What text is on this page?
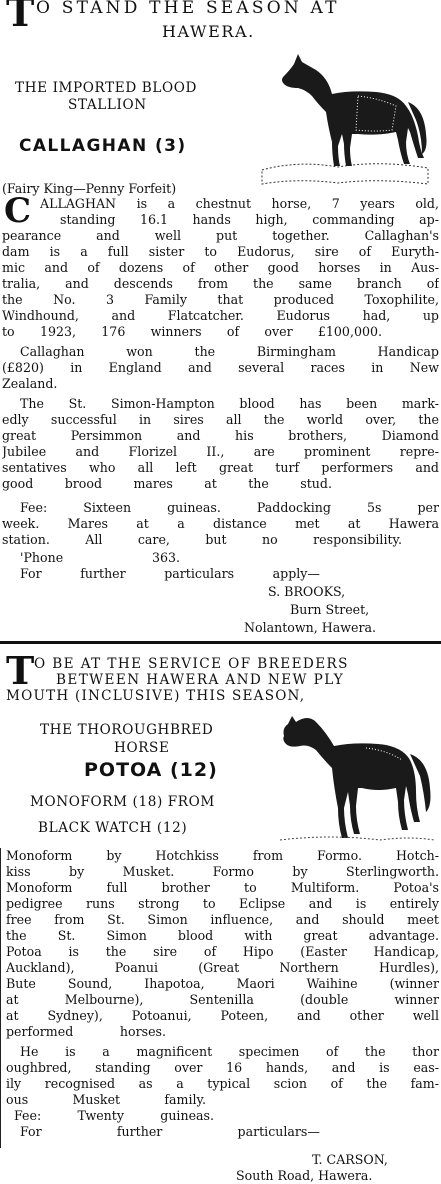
T O STAND THE SEASON AT
HAWERA.
THE IMPORTED BLOOD
STALLION
CALLAGHAN (3)
(Fairy King—Penny Forfeit)
C ALLAGHAN is a chestnut horse, 7 years old,
standing 16.1 hands high, commanding ap-
pearance and well put together. Callaghan's
dam is a full sister to Eudorus, sire of Euryth-
mic and of dozens of other good horses in Aus-
tralia, and descends from the same branch of
the No. 3 Family that produced Toxophilite,
Windhound, and Flatcatcher. Eudorus had, up
to 1923, 176 winners of over £100,000.
Callaghan won the Birmingham Handicap
(£820) in England and several races in New
Zealand.
The St. Simon-Hampton blood has been mark-
edly successful in sires all the world over, the
great Persimmon and his brothers, Diamond
Jubilee and Florizel II., are prominent repre-
sentatives who all left great turf performers and
good brood mares at the stud.
Fee: Sixteen guineas. Paddocking 5s per
week. Mares at a distance met at Hawera
station. All care, but no responsibility.
'Phone 363.
For further particulars apply—
S. BROOKS,
Burn Street,
Nolantown, Hawera.
T O BE AT THE SERVICE OF BREEDERS
BETWEEN HAWERA AND NEW PLY
MOUTH (INCLUSIVE) THIS SEASON,
THE THOROUGHBRED
HORSE
POTOA (12)
MONOFORM (18) FROM
BLACK WATCH (12)
Monoform by Hotchkiss from Formo. Hotch-
kiss by Musket. Formo by Sterlingworth.
Monoform full brother to Multiform. Potoa's
pedigree runs strong to Eclipse and is entirely
free from St. Simon influence, and should meet
the St. Simon blood with great advantage.
Potoa is the sire of Hipo (Easter Handicap,
Auckland), Poanui (Great Northern Hurdles),
Bute Sound, Ihapotoa, Maori Waihine (winner
at Melbourne), Sentenilla (double winner
at Sydney), Potoanui, Poteen, and other well
performed horses.
He is a magnificent specimen of the thor
oughbred, standing over 16 hands, and is eas-
ily recognised as a typical scion of the fam-
ous Musket family.
Fee: Twenty guineas.
For further particulars—
T. CARSON,
South Road, Hawera.
